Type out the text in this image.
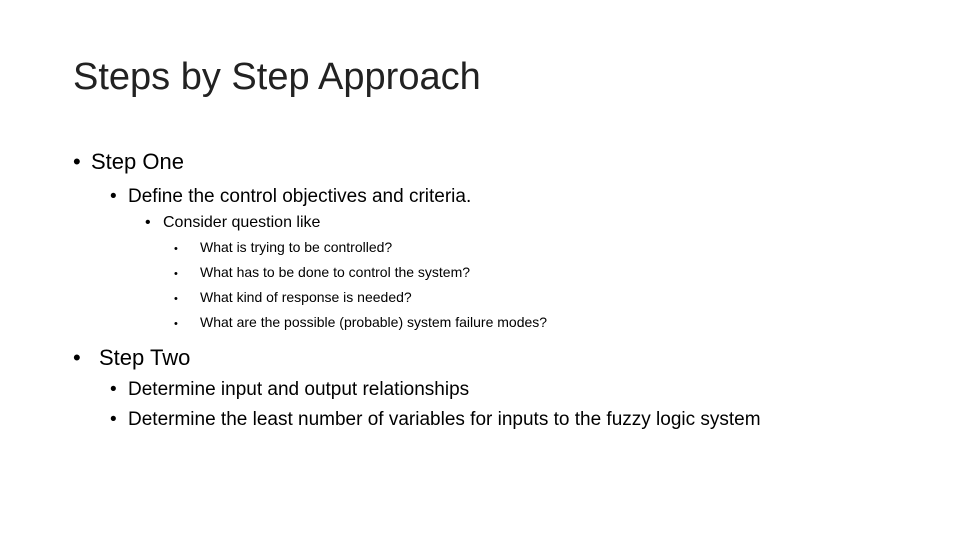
Steps by Step Approach
• Step One
• Define the control objectives and criteria.
• Consider question like
• What is trying to be controlled?
• What has to be done to control the system?
• What kind of response is needed?
• What are the possible (probable) system failure modes?
• Step Two
• Determine input and output relationships
• Determine the least number of variables for inputs to the fuzzy logic system
